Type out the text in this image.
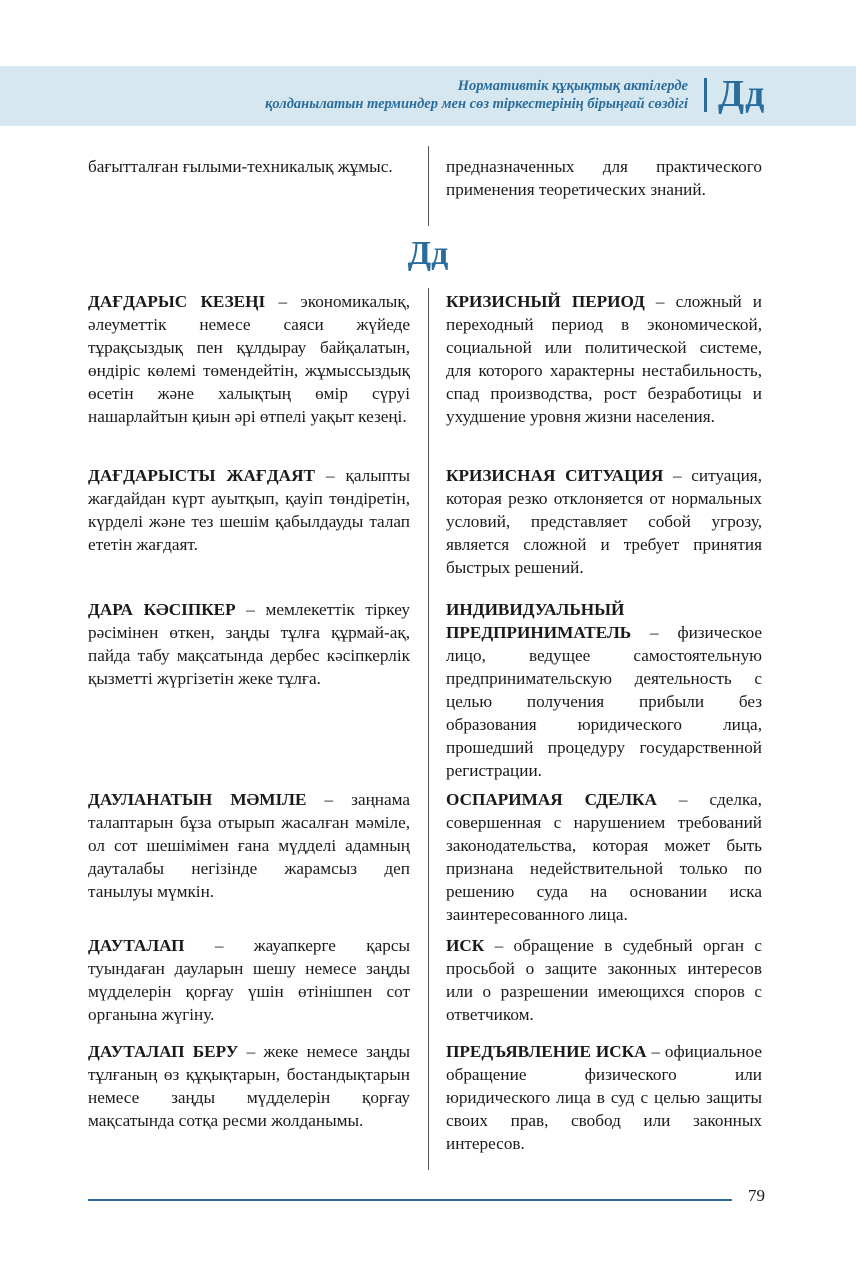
Нормативтік құқықтық актілерде
қолданылатын терминдер мен сөз тіркестерінің бірыңғай сөздігі Дд
бағытталған ғылыми-техникалық жұмыс.	предназначенных для практического применения теоретических знаний.
Дд
ДАҒДАРЫС КЕЗЕҢІ – экономикалық, әлеуметтік немесе саяси жүйеде тұрақсыздық пен құлдырау байқалатын, өндіріс көлемі төмендейтін, жұмыссыздық өсетін және халықтың өмір сүруі нашарлайтын қиын әрі өтпелі уақыт кезеңі.
КРИЗИСНЫЙ ПЕРИОД – сложный и переходный период в экономической, социальной или политической системе, для которого характерны нестабильность, спад производства, рост безработицы и ухудшение уровня жизни населения.
ДАҒДАРЫСТЫ ЖАҒДАЯТ – қалыпты жағдайдан күрт ауытқып, қауіп төндіретін, күрделі және тез шешім қабылдауды талап ететін жағдаят.
КРИЗИСНАЯ СИТУАЦИЯ – ситуация, которая резко отклоняется от нормальных условий, представляет собой угрозу, является сложной и требует принятия быстрых решений.
ДАРА КӘСІПКЕР – мемлекеттік тіркеу рәсімінен өткен, заңды тұлға құрмай-ақ, пайда табу мақсатында дербес кәсіпкерлік қызметті жүргізетін жеке тұлға.
ИНДИВИДУАЛЬНЫЙ ПРЕДПРИНИМАТЕЛЬ – физическое лицо, ведущее самостоятельную предпринимательскую деятельность с целью получения прибыли без образования юридического лица, прошедший процедуру государственной регистрации.
ДАУЛАНАТЫН МӘМІЛЕ – заңнама талаптарын бұза отырып жасалған мәміле, ол сот шешімімен ғана мүдделі адамның дауталабы негізінде жарамсыз деп танылуы мүмкін.
ОСПАРИМАЯ СДЕЛКА – сделка, совершенная с нарушением требований законодательства, которая может быть признана недействительной только по решению суда на основании иска заинтересованного лица.
ДАУТАЛАП – жауапкерге қарсы туындаған дауларын шешу немесе заңды мүдделерін қорғау үшін өтінішпен сот органына жүгіну.
ИСК – обращение в судебный орган с просьбой о защите законных интересов или о разрешении имеющихся споров с ответчиком.
ДАУТАЛАП БЕРУ – жеке немесе заңды тұлғаның өз құқықтарын, бостандықтарын немесе заңды мүдделерін қорғау мақсатында сотқа ресми жолданымы.
ПРЕДЪЯВЛЕНИЕ ИСКА – официальное обращение физического или юридического лица в суд с целью защиты своих прав, свобод или законных интересов.
79
